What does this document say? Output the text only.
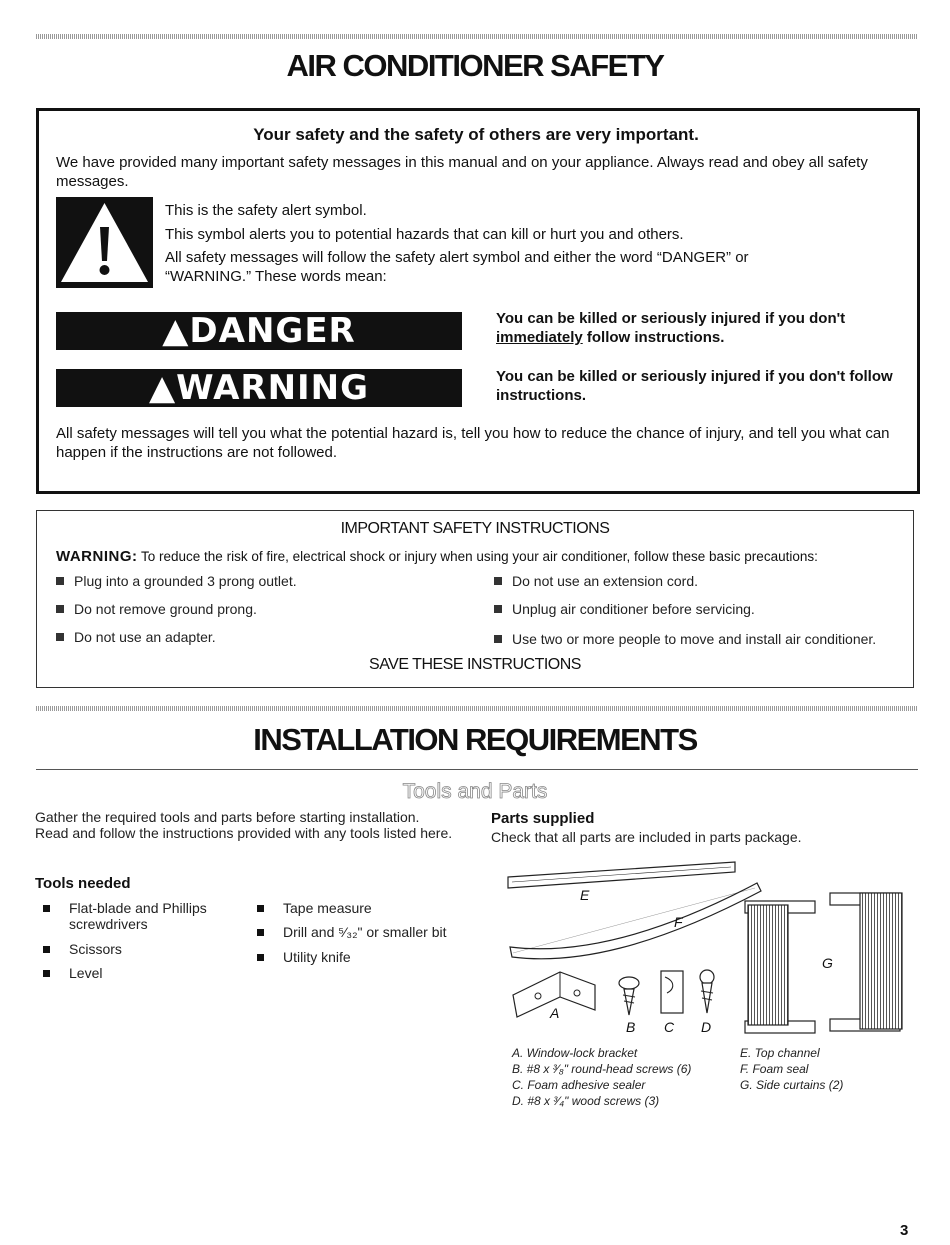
AIR CONDITIONER SAFETY
Your safety and the safety of others are very important.
We have provided many important safety messages in this manual and on your appliance. Always read and obey all safety messages.
This is the safety alert symbol.
This symbol alerts you to potential hazards that can kill or hurt you and others.
All safety messages will follow the safety alert symbol and either the word “DANGER” or “WARNING.” These words mean:
▲DANGER	You can be killed or seriously injured if you don't immediately follow instructions.
▲WARNING	You can be killed or seriously injured if you don't follow instructions.
All safety messages will tell you what the potential hazard is, tell you how to reduce the chance of injury, and tell you what can happen if the instructions are not followed.
IMPORTANT SAFETY INSTRUCTIONS
WARNING: To reduce the risk of fire, electrical shock or injury when using your air conditioner, follow these basic precautions:
Plug into a grounded 3 prong outlet.
Do not remove ground prong.
Do not use an adapter.
Do not use an extension cord.
Unplug air conditioner before servicing.
Use two or more people to move and install air conditioner.
SAVE THESE INSTRUCTIONS
INSTALLATION REQUIREMENTS
Tools and Parts
Gather the required tools and parts before starting installation. Read and follow the instructions provided with any tools listed here.
Tools needed
Flat-blade and Phillips screwdrivers
Scissors
Level
Tape measure
Drill and ⁵⁄₃₂" or smaller bit
Utility knife
Parts supplied
Check that all parts are included in parts package.
E
F
G
A
B C D
A. Window-lock bracket
B. #8 x ³⁄₈" round-head screws (6)
C. Foam adhesive sealer
D. #8 x ³⁄₄" wood screws (3)
E. Top channel
F. Foam seal
G. Side curtains (2)
3
